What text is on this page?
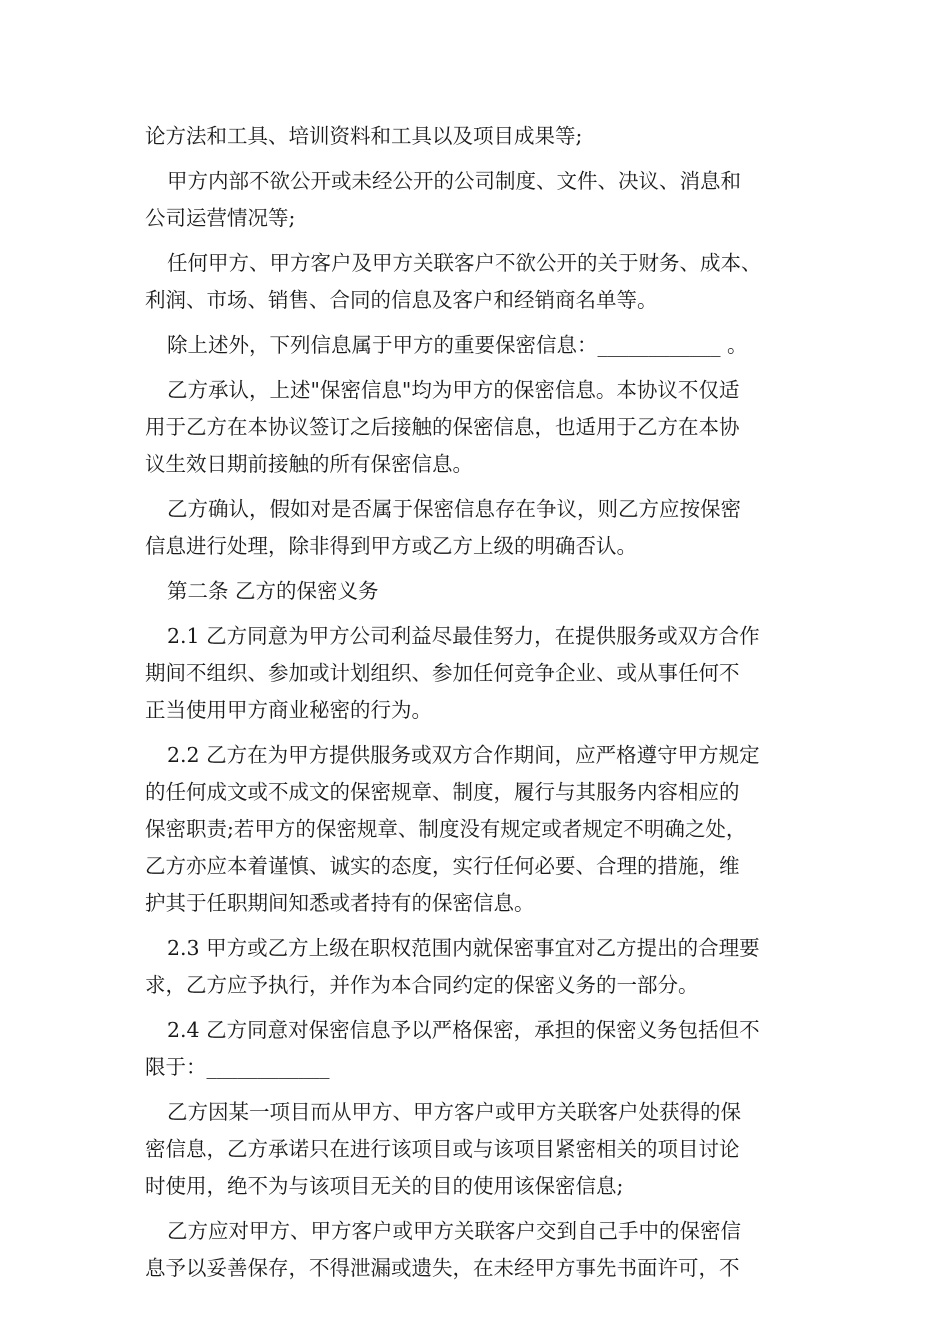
论方法和工具、培训资料和工具以及项目成果等;
甲方内部不欲公开或未经公开的公司制度、文件、决议、消息和
公司运营情况等;
任何甲方、甲方客户及甲方关联客户不欲公开的关于财务、成本、
利润、市场、销售、合同的信息及客户和经销商名单等。
除上述外，下列信息属于甲方的重要保密信息：____________ 。
乙方承认，上述"保密信息"均为甲方的保密信息。本协议不仅适
用于乙方在本协议签订之后接触的保密信息，也适用于乙方在本协
议生效日期前接触的所有保密信息。
乙方确认，假如对是否属于保密信息存在争议，则乙方应按保密
信息进行处理，除非得到甲方或乙方上级的明确否认。
第二条 乙方的保密义务
2.1 乙方同意为甲方公司利益尽最佳努力，在提供服务或双方合作
期间不组织、参加或计划组织、参加任何竞争企业、或从事任何不
正当使用甲方商业秘密的行为。
2.2 乙方在为甲方提供服务或双方合作期间，应严格遵守甲方规定
的任何成文或不成文的保密规章、制度，履行与其服务内容相应的
保密职责;若甲方的保密规章、制度没有规定或者规定不明确之处，
乙方亦应本着谨慎、诚实的态度，实行任何必要、合理的措施，维
护其于任职期间知悉或者持有的保密信息。
2.3 甲方或乙方上级在职权范围内就保密事宜对乙方提出的合理要
求，乙方应予执行，并作为本合同约定的保密义务的一部分。
2.4 乙方同意对保密信息予以严格保密，承担的保密义务包括但不
限于：____________
乙方因某一项目而从甲方、甲方客户或甲方关联客户处获得的保
密信息，乙方承诺只在进行该项目或与该项目紧密相关的项目讨论
时使用，绝不为与该项目无关的目的使用该保密信息;
乙方应对甲方、甲方客户或甲方关联客户交到自己手中的保密信
息予以妥善保存，不得泄漏或遗失，在未经甲方事先书面许可，不
